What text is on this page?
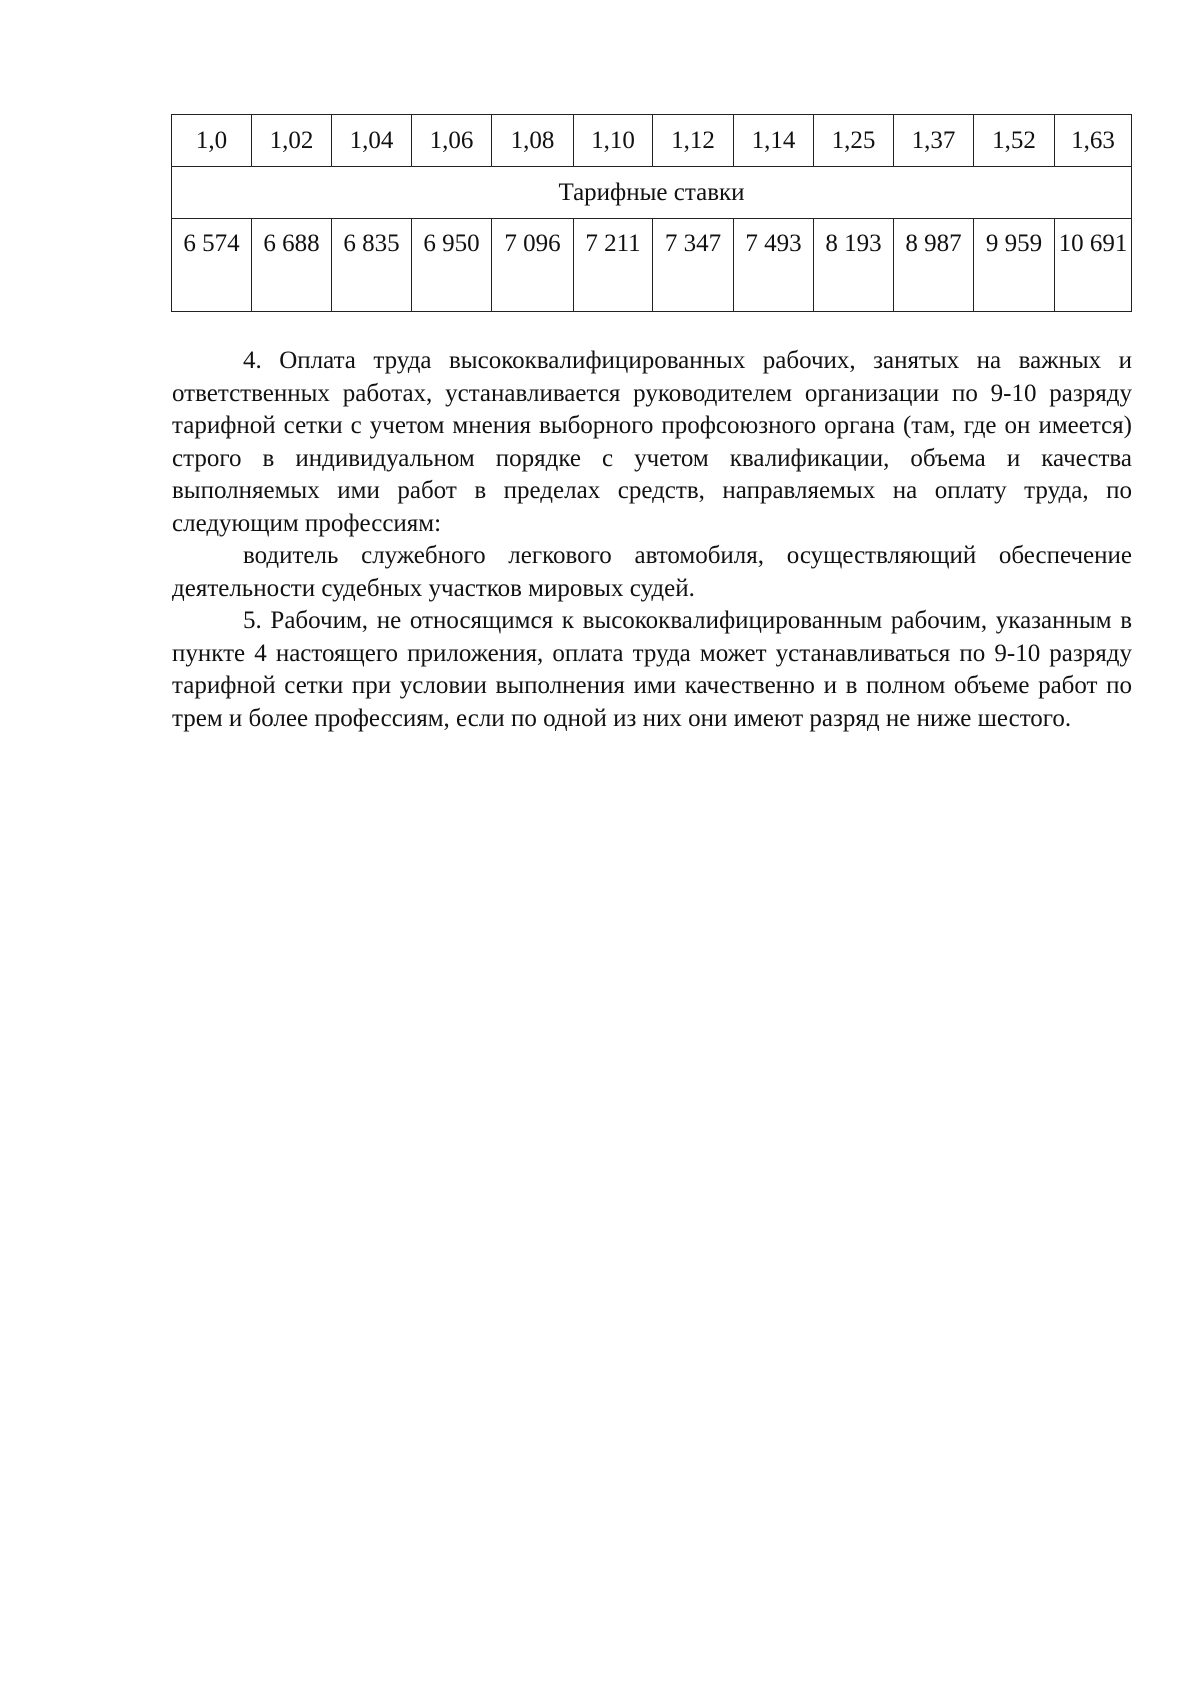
1,0	1,02	1,04	1,06	1,08	1,10	1,12	1,14	1,25	1,37	1,52	1,63
Тарифные ставки											
6 574	6 688	6 835	6 950	7 096	7 211	7 347	7 493	8 193	8 987	9 959	10 691

4. Оплата труда высококвалифицированных рабочих, занятых на важных и ответственных работах, устанавливается руководителем организации по 9-10 разряду тарифной сетки с учетом мнения выборного профсоюзного органа (там, где он имеется) строго в индивидуальном порядке с учетом квалификации, объема и качества выполняемых ими работ в пределах средств, направляемых на оплату труда, по следующим профессиям:

водитель служебного легкового автомобиля, осуществляющий обеспечение деятельности судебных участков мировых судей.

5. Рабочим, не относящимся к высококвалифицированным рабочим, указанным в пункте 4 настоящего приложения, оплата труда может устанавливаться по 9-10 разряду тарифной сетки при условии выполнения ими качественно и в полном объеме работ по трем и более профессиям, если по одной из них они имеют разряд не ниже шестого.
